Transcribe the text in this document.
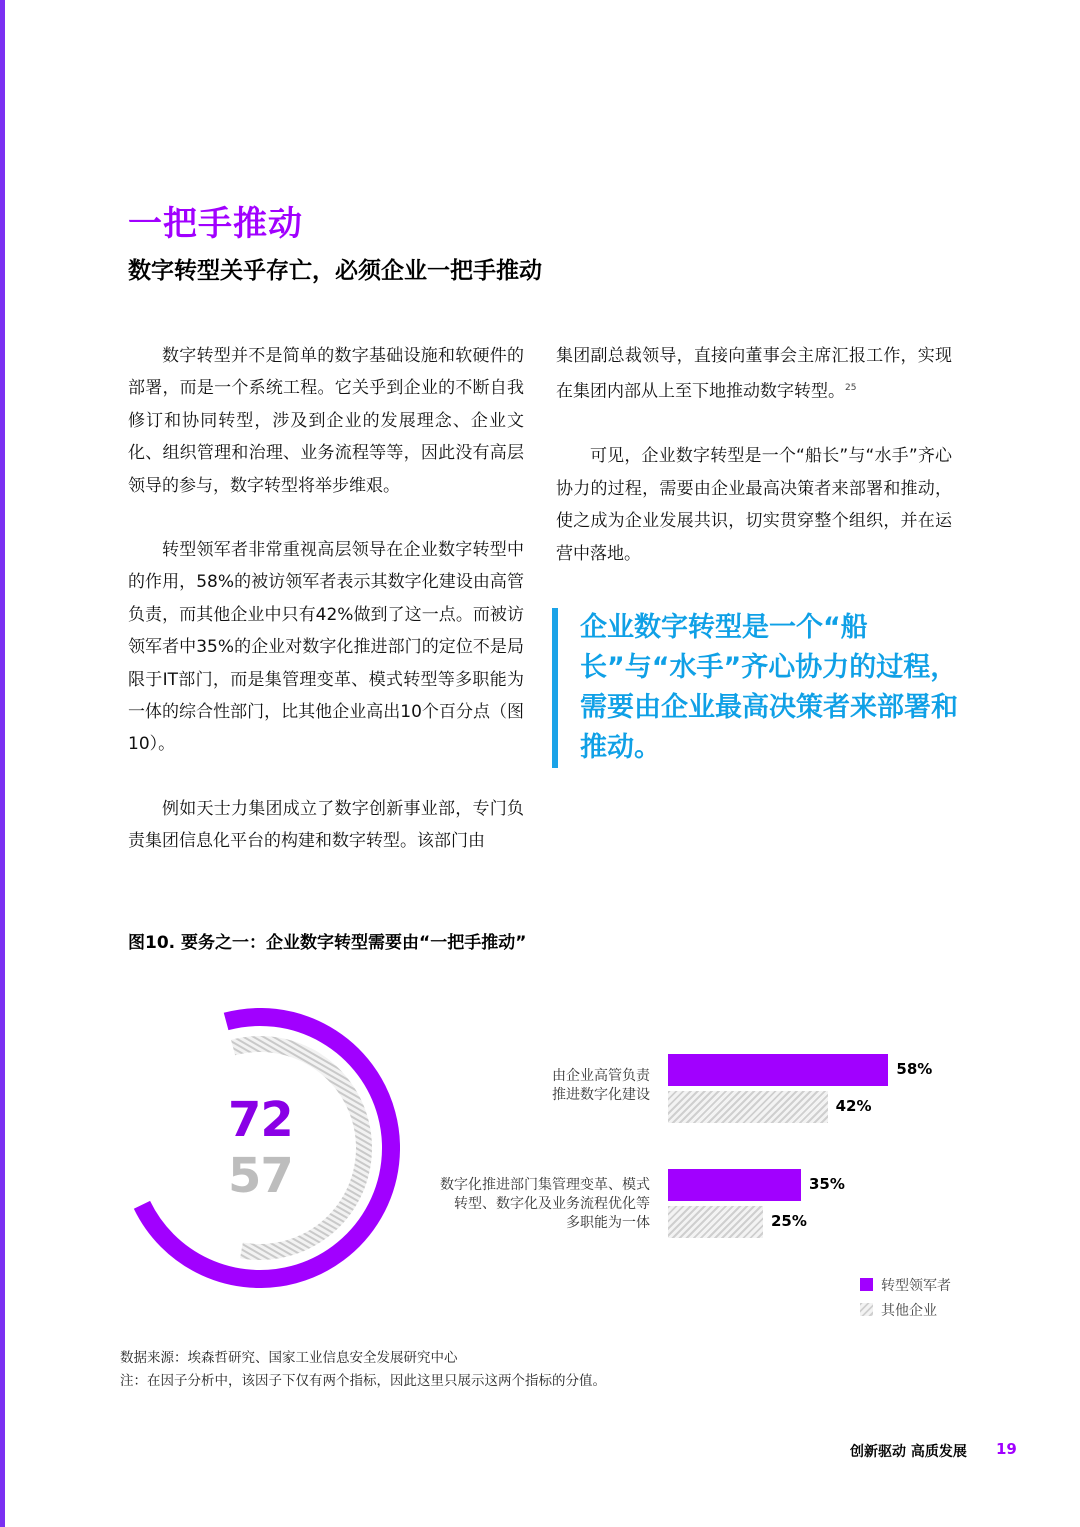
一把手推动
数字转型关乎存亡，必须企业一把手推动

数字转型并不是简单的数字基础设施和软硬件的部署，而是一个系统工程。它关乎到企业的不断自我修订和协同转型，涉及到企业的发展理念、企业文化、组织管理和治理、业务流程等等，因此没有高层领导的参与，数字转型将举步维艰。

转型领军者非常重视高层领导在企业数字转型中的作用，58%的被访领军者表示其数字化建设由高管负责，而其他企业中只有42%做到了这一点。而被访领军者中35%的企业对数字化推进部门的定位不是局限于IT部门，而是集管理变革、模式转型等多职能为一体的综合性部门，比其他企业高出10个百分点（图10）。

例如天士力集团成立了数字创新事业部，专门负责集团信息化平台的构建和数字转型。该部门由

集团副总裁领导，直接向董事会主席汇报工作，实现在集团内部从上至下地推动数字转型。$^{25}$

可见，企业数字转型是一个“船长”与“水手”齐心协力的过程，需要由企业最高决策者来部署和推动，使之成为企业发展共识，切实贯穿整个组织，并在运营中落地。

企业数字转型是一个“船长”与“水手”齐心协力的过程，需要由企业最高决策者来部署和推动。
图10. 要务之一：企业数字转型需要由“一把手推动”
72
57
由企业高管负责
推进数字化建设
数字化推进部门集管理变革、模式
转型、数字化及业务流程优化等
多职能为一体
58%
42%
35%
25%
转型领军者
其他企业
数据来源：埃森哲研究、国家工业信息安全发展研究中心
注：在因子分析中，该因子下仅有两个指标，因此这里只展示这两个指标的分值。
创新驱动 高质发展 19
